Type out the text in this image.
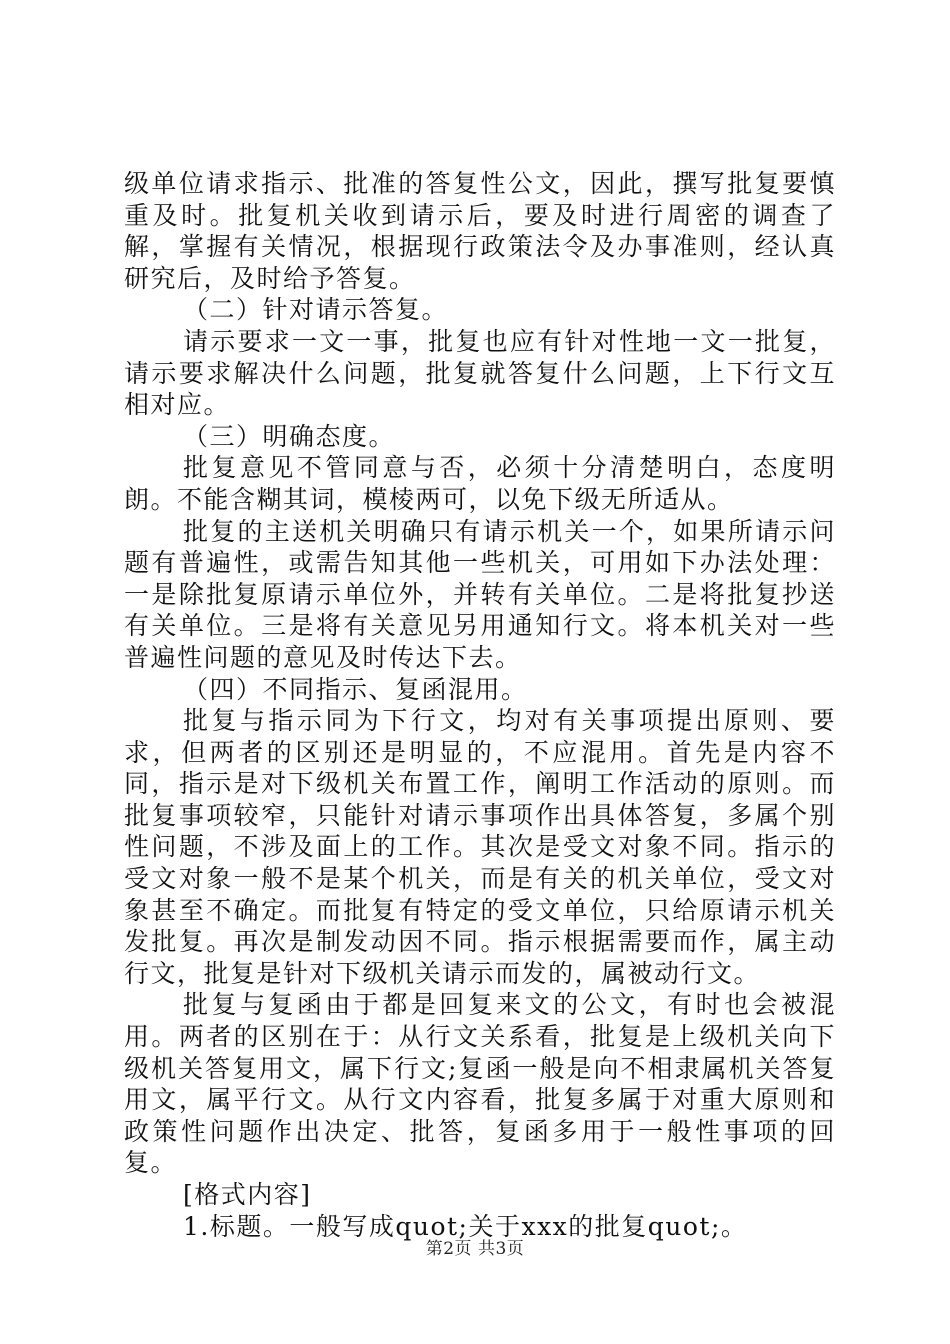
级单位请求指示、批准的答复性公文，因此，撰写批复要慎重及时。批复机关收到请示后，要及时进行周密的调查了解，掌握有关情况，根据现行政策法令及办事准则，经认真研究后，及时给予答复。

（二）针对请示答复。

请示要求一文一事，批复也应有针对性地一文一批复，请示要求解决什么问题，批复就答复什么问题，上下行文互相对应。

（三）明确态度。

批复意见不管同意与否，必须十分清楚明白，态度明朗。不能含糊其词，模棱两可，以免下级无所适从。

批复的主送机关明确只有请示机关一个，如果所请示问题有普遍性，或需告知其他一些机关，可用如下办法处理：一是除批复原请示单位外，并转有关单位。二是将批复抄送有关单位。三是将有关意见另用通知行文。将本机关对一些普遍性问题的意见及时传达下去。

（四）不同指示、复函混用。

批复与指示同为下行文，均对有关事项提出原则、要求，但两者的区别还是明显的，不应混用。首先是内容不同，指示是对下级机关布置工作，阐明工作活动的原则。而批复事项较窄，只能针对请示事项作出具体答复，多属个别性问题，不涉及面上的工作。其次是受文对象不同。指示的受文对象一般不是某个机关，而是有关的机关单位，受文对象甚至不确定。而批复有特定的受文单位，只给原请示机关发批复。再次是制发动因不同。指示根据需要而作，属主动行文，批复是针对下级机关请示而发的，属被动行文。

批复与复函由于都是回复来文的公文，有时也会被混用。两者的区别在于：从行文关系看，批复是上级机关向下级机关答复用文，属下行文;复函一般是向不相隶属机关答复用文，属平行文。从行文内容看，批复多属于对重大原则和政策性问题作出决定、批答，复函多用于一般性事项的回复。

[格式内容]

1.标题。一般写成quot;关于xxx的批复quot;。

第2页 共3页
